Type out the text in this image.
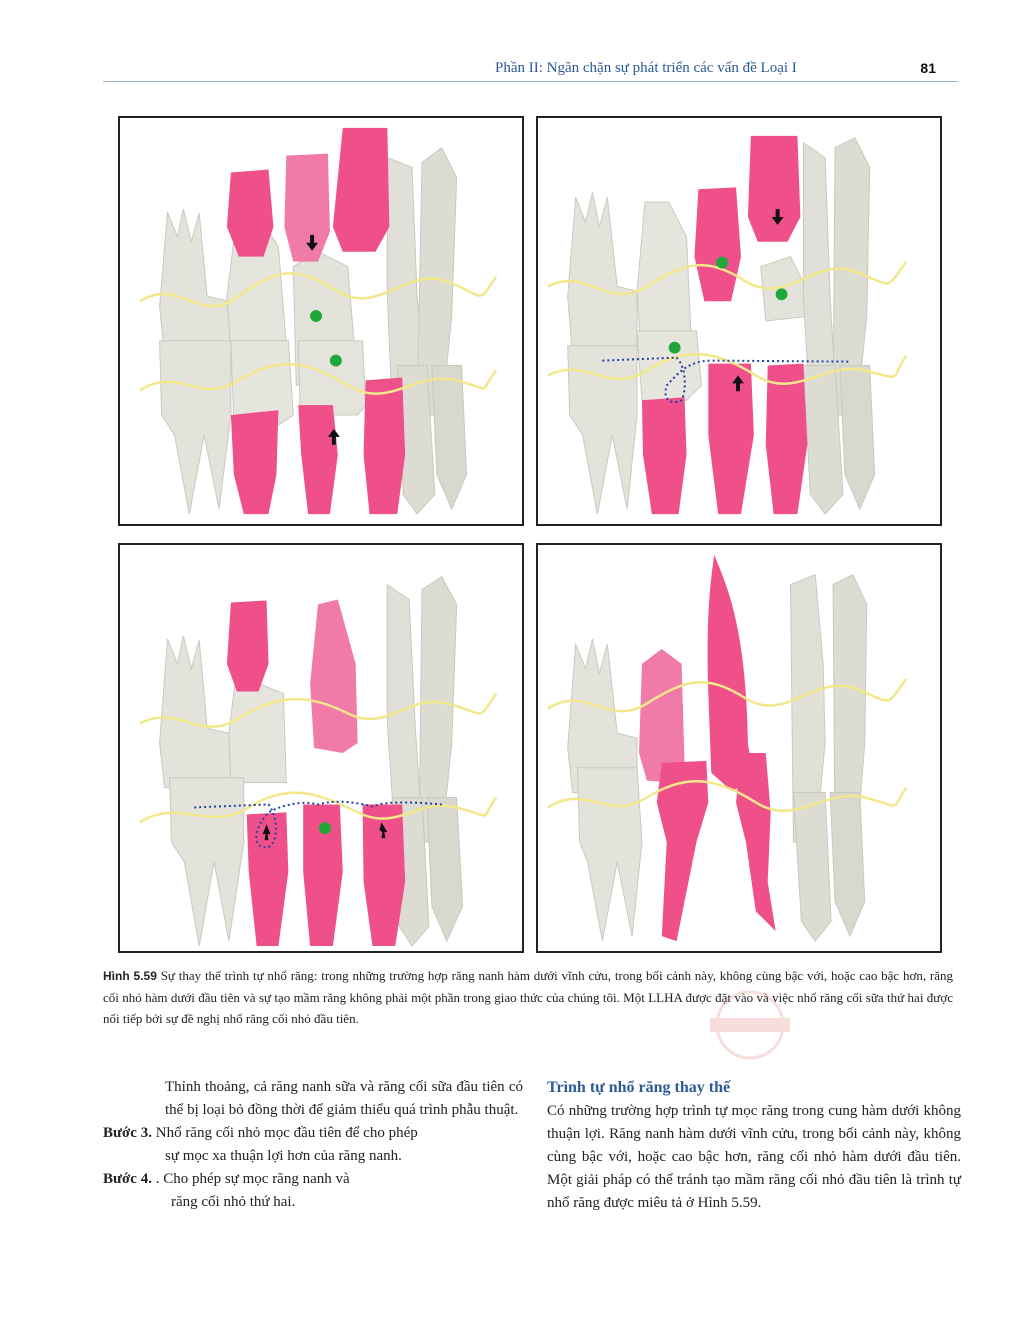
Phần II: Ngăn chặn sự phát triển các vấn đề Loại I	81
Hình 5.59 Sự thay thế trình tự nhổ răng: trong những trường hợp răng nanh hàm dưới vĩnh cửu, trong bối cảnh này, không cùng bậc với, hoặc cao bậc hơn, răng cối nhỏ hàm dưới đầu tiên và sự tạo mầm răng không phải một phần trong giao thức của chúng tôi. Một LLHA được đặt vào và việc nhổ răng cối sữa thứ hai được nối tiếp bởi sự đề nghị nhổ răng cối nhỏ đầu tiên.

Thỉnh thoảng, cả răng nanh sữa và răng cối sữa đầu tiên có thể bị loại bỏ đồng thời để giảm thiểu quá trình phẫu thuật.

Bước 3. Nhổ răng cối nhỏ mọc đầu tiên để cho phép

sự mọc xa thuận lợi hơn của răng nanh.

Bước 4. . Cho phép sự mọc răng nanh và

răng cối nhỏ thứ hai.

Trình tự nhổ răng thay thế

Có những trường hợp trình tự mọc răng trong cung hàm dưới không thuận lợi. Răng nanh hàm dưới vĩnh cửu, trong bối cảnh này, không cùng bậc với, hoặc cao bậc hơn, răng cối nhỏ hàm dưới đầu tiên. Một giải pháp có thể tránh tạo mầm răng cối nhỏ đầu tiên là trình tự nhổ răng được miêu tả ở Hình 5.59.
